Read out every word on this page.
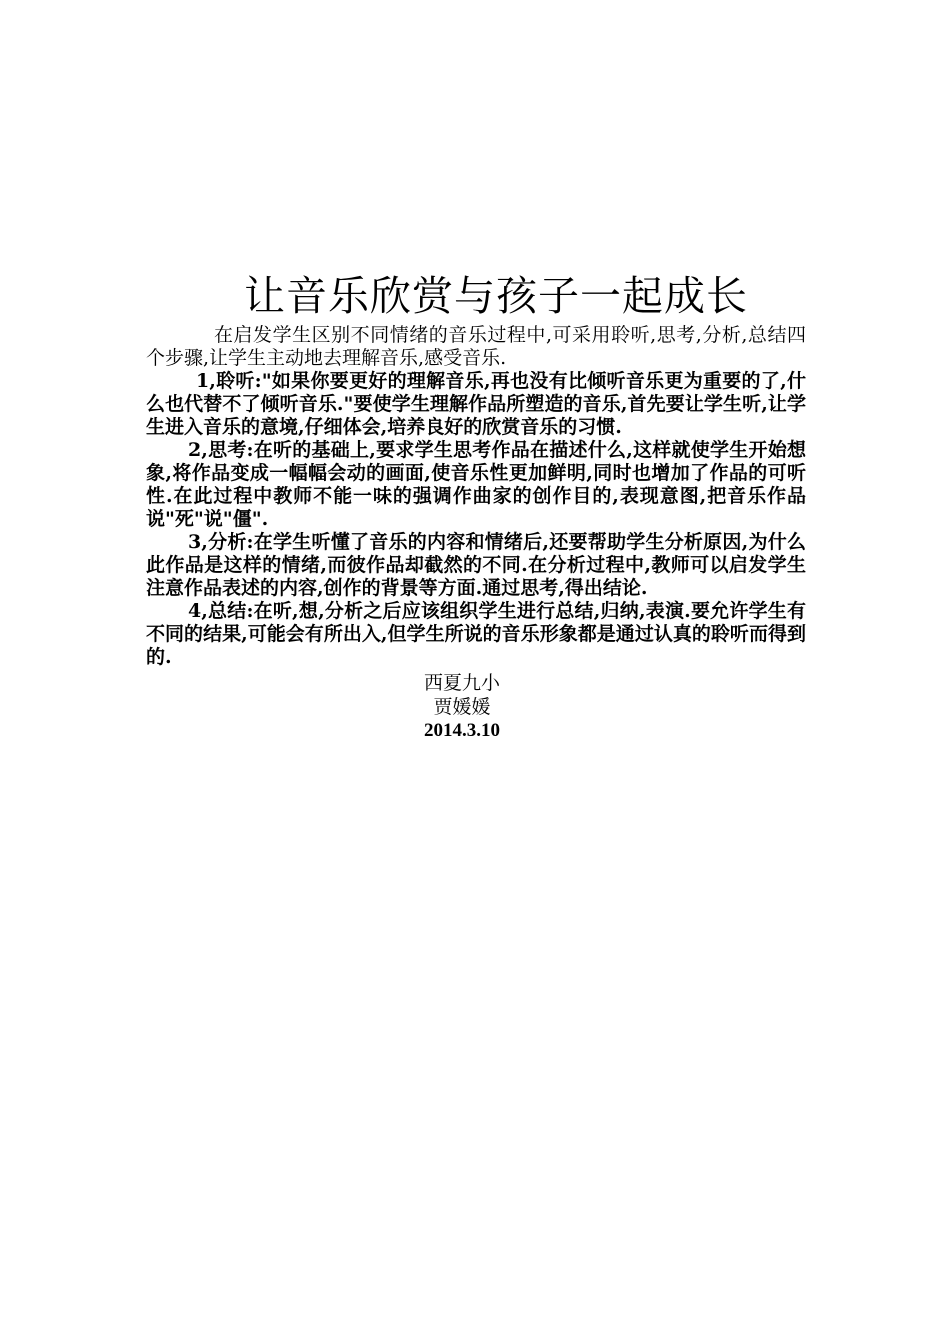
让音乐欣赏与孩子一起成长

在启发学生区别不同情绪的音乐过程中,可采用聆听,思考,分析,总结四个步骤,让学生主动地去理解音乐,感受音乐.

1,聆听:"如果你要更好的理解音乐,再也没有比倾听音乐更为重要的了,什么也代替不了倾听音乐."要使学生理解作品所塑造的音乐,首先要让学生听,让学生进入音乐的意境,仔细体会,培养良好的欣赏音乐的习惯.

2,思考:在听的基础上,要求学生思考作品在描述什么,这样就使学生开始想象,将作品变成一幅幅会动的画面,使音乐性更加鲜明,同时也增加了作品的可听性.在此过程中教师不能一味的强调作曲家的创作目的,表现意图,把音乐作品说"死"说"僵".

3,分析:在学生听懂了音乐的内容和情绪后,还要帮助学生分析原因,为什么此作品是这样的情绪,而彼作品却截然的不同.在分析过程中,教师可以启发学生注意作品表述的内容,创作的背景等方面.通过思考,得出结论.

4,总结:在听,想,分析之后应该组织学生进行总结,归纳,表演.要允许学生有不同的结果,可能会有所出入,但学生所说的音乐形象都是通过认真的聆听而得到的.

西夏九小
贾媛媛
2014.3.10
